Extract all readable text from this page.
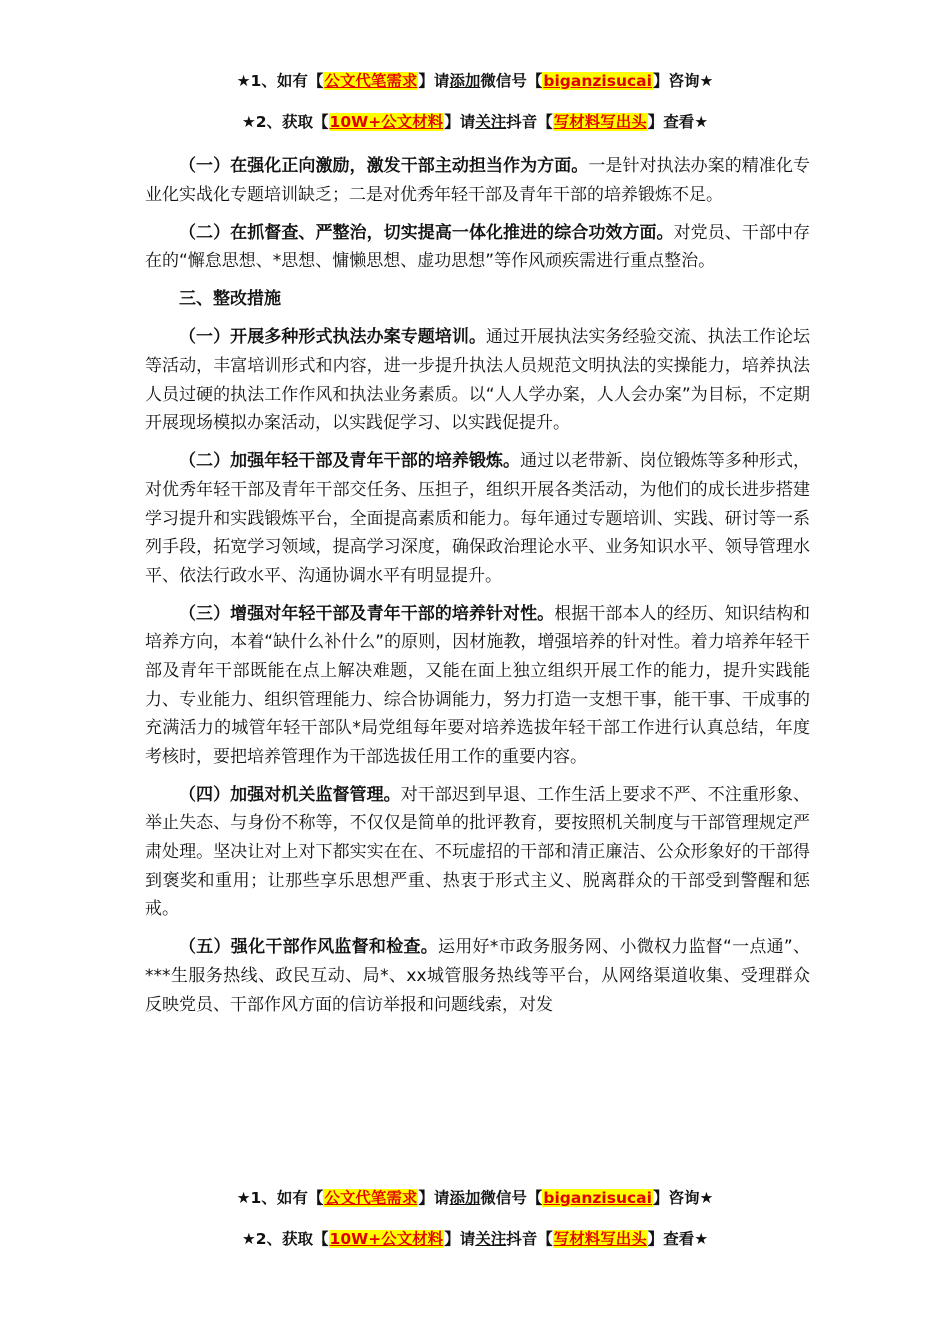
★1、如有【公文代笔需求】请添加微信号【biganzisucai】咨询★
★2、获取【10W+公文材料】请关注抖音【写材料写出头】查看★

（一）在强化正向激励，激发干部主动担当作为方面。一是针对执法办案的精准化专业化实战化专题培训缺乏；二是对优秀年轻干部及青年干部的培养锻炼不足。

（二）在抓督查、严整治，切实提高一体化推进的综合功效方面。对党员、干部中存在的“懈怠思想、*思想、慵懒思想、虚功思想”等作风顽疾需进行重点整治。

三、整改措施

（一）开展多种形式执法办案专题培训。通过开展执法实务经验交流、执法工作论坛等活动，丰富培训形式和内容，进一步提升执法人员规范文明执法的实操能力，培养执法人员过硬的执法工作作风和执法业务素质。以“人人学办案，人人会办案”为目标，不定期开展现场模拟办案活动，以实践促学习、以实践促提升。

（二）加强年轻干部及青年干部的培养锻炼。通过以老带新、岗位锻炼等多种形式，对优秀年轻干部及青年干部交任务、压担子，组织开展各类活动，为他们的成长进步搭建学习提升和实践锻炼平台，全面提高素质和能力。每年通过专题培训、实践、研讨等一系列手段，拓宽学习领域，提高学习深度，确保政治理论水平、业务知识水平、领导管理水平、依法行政水平、沟通协调水平有明显提升。

（三）增强对年轻干部及青年干部的培养针对性。根据干部本人的经历、知识结构和培养方向，本着“缺什么补什么”的原则，因材施教，增强培养的针对性。着力培养年轻干部及青年干部既能在点上解决难题，又能在面上独立组织开展工作的能力，提升实践能力、专业能力、组织管理能力、综合协调能力，努力打造一支想干事，能干事、干成事的充满活力的城管年轻干部队*局党组每年要对培养选拔年轻干部工作进行认真总结，年度考核时，要把培养管理作为干部选拔任用工作的重要内容。

（四）加强对机关监督管理。对干部迟到早退、工作生活上要求不严、不注重形象、举止失态、与身份不称等，不仅仅是简单的批评教育，要按照机关制度与干部管理规定严肃处理。坚决让对上对下都实实在在、不玩虚招的干部和清正廉洁、公众形象好的干部得到褒奖和重用；让那些享乐思想严重、热衷于形式主义、脱离群众的干部受到警醒和惩戒。

（五）强化干部作风监督和检查。运用好*市政务服务网、小微权力监督“一点通”、***生服务热线、政民互动、局*、xx城管服务热线等平台，从网络渠道收集、受理群众反映党员、干部作风方面的信访举报和问题线索，对发

★1、如有【公文代笔需求】请添加微信号【biganzisucai】咨询★
★2、获取【10W+公文材料】请关注抖音【写材料写出头】查看★
